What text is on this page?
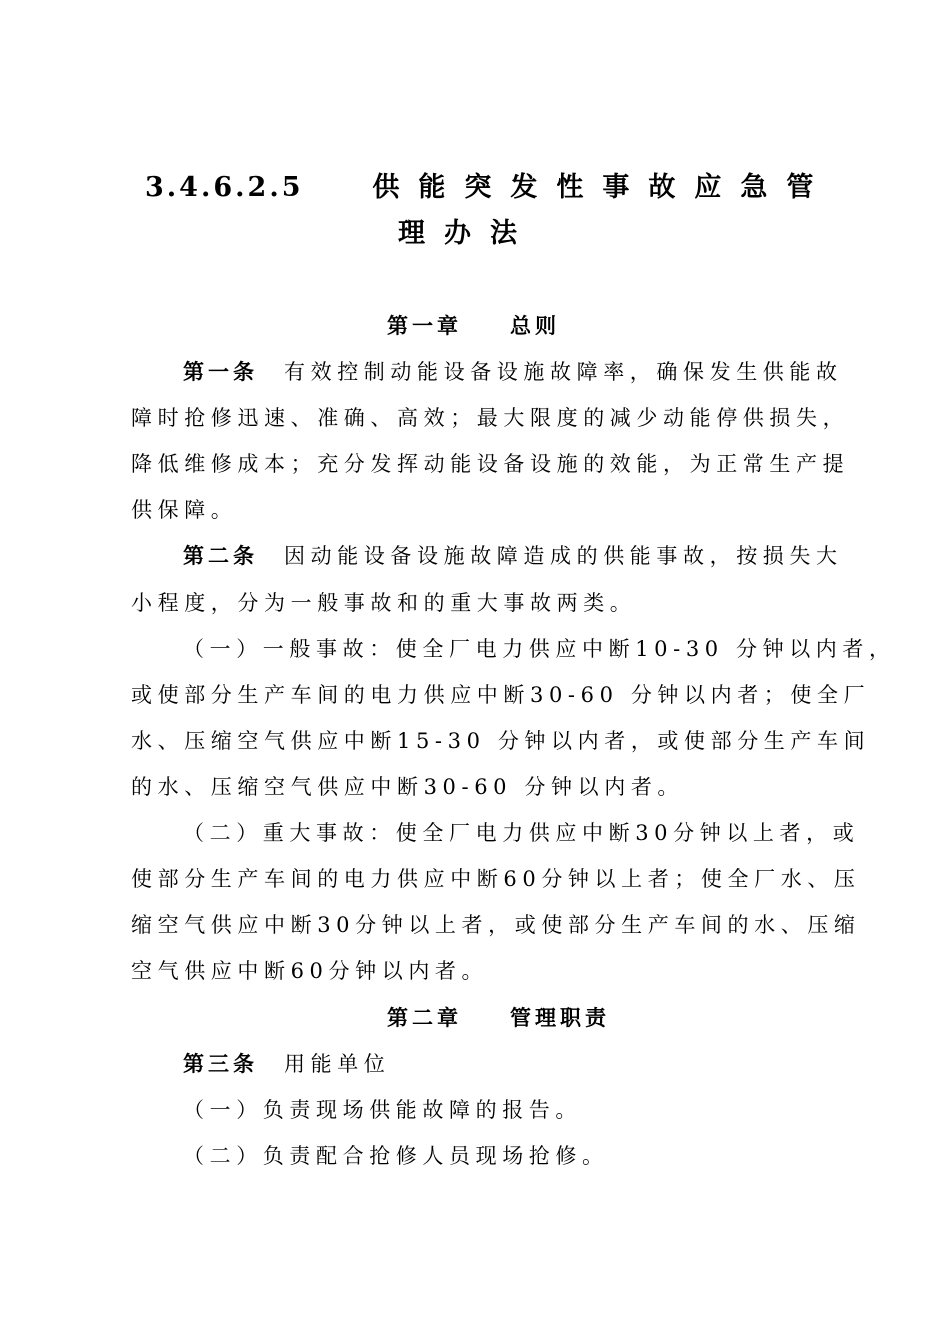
3.4.6.2.5	供能突发性事故应急管
理办法
第一章 总则
第一条 有效控制动能设备设施故障率，确保发生供能故
障时抢修迅速、准确、高效；最大限度的减少动能停供损失，
降低维修成本；充分发挥动能设备设施的效能，为正常生产提
供保障。
第二条 因动能设备设施故障造成的供能事故，按损失大
小程度，分为一般事故和的重大事故两类。
（一）一般事故：使全厂电力供应中断10-30 分钟以内者，
或使部分生产车间的电力供应中断30-60 分钟以内者；使全厂
水、压缩空气供应中断15-30 分钟以内者，或使部分生产车间
的水、压缩空气供应中断30-60 分钟以内者。
（二）重大事故：使全厂电力供应中断30分钟以上者，或
使部分生产车间的电力供应中断60分钟以上者；使全厂水、压
缩空气供应中断30分钟以上者，或使部分生产车间的水、压缩
空气供应中断60分钟以内者。
第二章 管理职责
第三条 用能单位
（一）负责现场供能故障的报告。
（二）负责配合抢修人员现场抢修。
